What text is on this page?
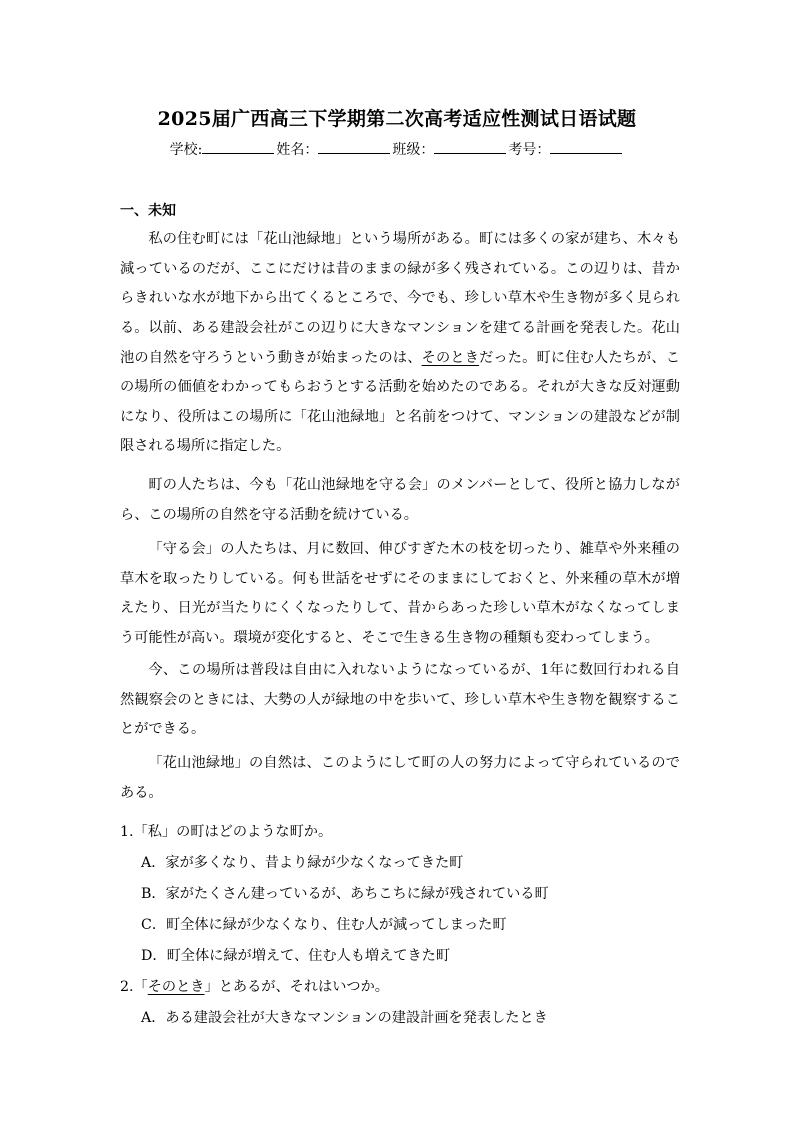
2025届广西高三下学期第二次高考适应性测试日语试题
学校:	姓名：	班级：	考号：
一、未知

私の住む町には「花山池緑地」という場所がある。町には多くの家が建ち、木々も減っているのだが、ここにだけは昔のままの緑が多く残されている。この辺りは、昔からきれいな水が地下から出てくるところで、今でも、珍しい草木や生き物が多く見られる。 以前、ある建設会社がこの辺りに大きなマンションを建てる計画を発表した。花山池の自然を守ろうという動きが始まったのは、そのときだった。町に住む人たちが、この場所の価値をわかってもらおうとする活動を始めたのである。それが大きな反対運動になり、役所はこの場所に「花山池緑地」と名前をつけて、マンションの建設などが制限される場所に指定した。

町の人たちは、今も「花山池緑地を守る会」のメンバーとして、役所と協力しながら、この場所の自然を守る活動を続けている。

「守る会」の人たちは、月に数回、伸びすぎた木の枝を切ったり、雑草や外来種の草木を取ったりしている。何も世話をせずにそのままにしておくと、外来種の草木が増えたり、日光が当たりにくくなったりして、昔からあった珍しい草木がなくなってしまう可能性が高い。環境が変化すると、そこで生きる生き物の種類も変わってしまう。

今、この場所は普段は自由に入れないようになっているが、1年に数回行われる自然観察会のときには、大勢の人が緑地の中を歩いて、珍しい草木や生き物を観察することができる。

「花山池緑地」の自然は、このようにして町の人の努力によって守られているのである。

1.「私」の町はどのような町か。
A．家が多くなり、昔より緑が少なくなってきた町
B．家がたくさん建っているが、あちこちに緑が残されている町
C．町全体に緑が少なくなり、住む人が減ってしまった町
D．町全体に緑が増えて、住む人も増えてきた町
2.「そのとき」とあるが、それはいつか。
A．ある建設会社が大きなマンションの建設計画を発表したとき
